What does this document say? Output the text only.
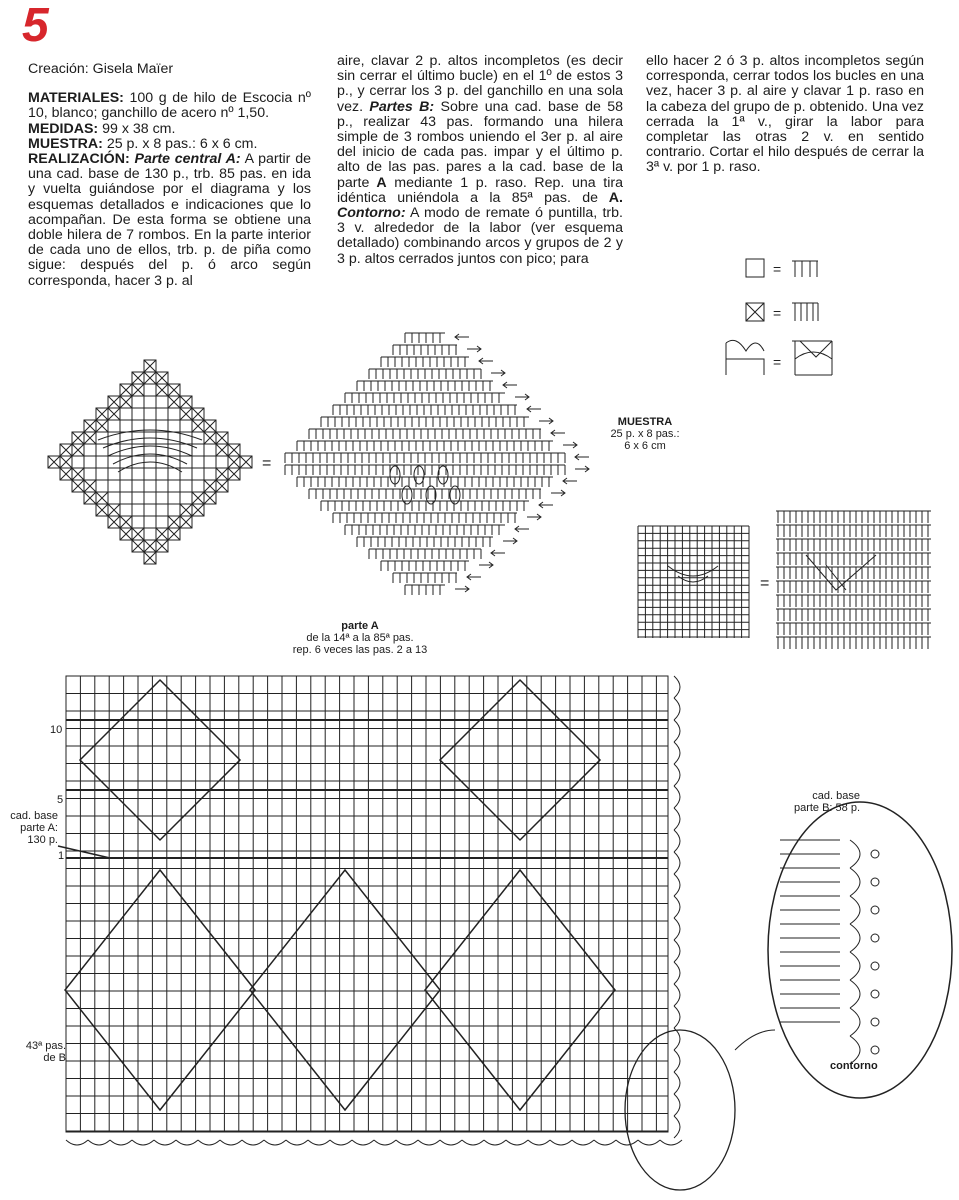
5

Creación: Gisela Maïer

MATERIALES: 100 g de hilo de Escocia nº 10, blanco; ganchillo de acero nº 1,50.

MEDIDAS: 99 x 38 cm.

MUESTRA: 25 p. x 8 pas.: 6 x 6 cm.

REALIZACIÓN: Parte central A: A partir de una cad. base de 130 p., trb. 85 pas. en ida y vuelta guiándose por el diagrama y los esquemas detallados e indicaciones que lo acompañan. De esta forma se obtiene una doble hilera de 7 rombos. En la parte interior de cada uno de ellos, trb. p. de piña como sigue: después del p. ó arco según corresponda, hacer 3 p. al

aire, clavar 2 p. altos incompletos (es decir sin cerrar el último bucle) en el 1º de estos 3 p., y cerrar los 3 p. del ganchillo en una sola vez. Partes B: Sobre una cad. base de 58 p., realizar 43 pas. formando una hilera simple de 3 rombos uniendo el 3er p. al aire del inicio de cada pas. impar y el último p. alto de las pas. pares a la cad. base de la parte A mediante 1 p. raso. Rep. una tira idéntica uniéndola a la 85ª pas. de A. Contorno: A modo de remate ó puntilla, trb. 3 v. alrededor de la labor (ver esquema detallado) combinando arcos y grupos de 2 y 3 p. altos cerrados juntos con pico; para

ello hacer 2 ó 3 p. altos incompletos según corresponda, cerrar todos los bucles en una vez, hacer 3 p. al aire y clavar 1 p. raso en la cabeza del grupo de p. obtenido. Una vez cerrada la 1ª v., girar la labor para completar las otras 2 v. en sentido contrario. Cortar el hilo después de cerrar la 3ª v. por 1 p. raso.

=
=
=
=
MUESTRA
25 p. x 8 pas.:
6 x 6 cm
=
parte A
de la 14ª a la 85ª pas.
rep. 6 veces las pas. 2 a 13
10
5
1
cad. base
parte A:
130 p.
43ª pas.
de B
cad. base
parte B: 58 p.
contorno
